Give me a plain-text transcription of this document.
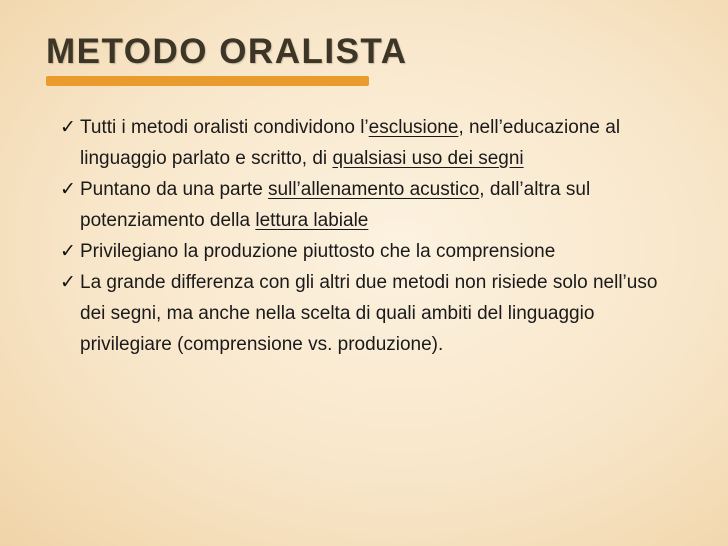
METODO ORALISTA
✓ Tutti i metodi oralisti condividono l’esclusione, nell’educazione al linguaggio parlato e scritto, di qualsiasi uso dei segni
✓ Puntano da una parte sull’allenamento acustico, dall’altra sul potenziamento della lettura labiale
✓ Privilegiano la produzione piuttosto che la comprensione
✓ La grande differenza con gli altri due metodi non risiede solo nell’uso dei segni, ma anche nella scelta di quali ambiti del linguaggio privilegiare (comprensione vs. produzione).
